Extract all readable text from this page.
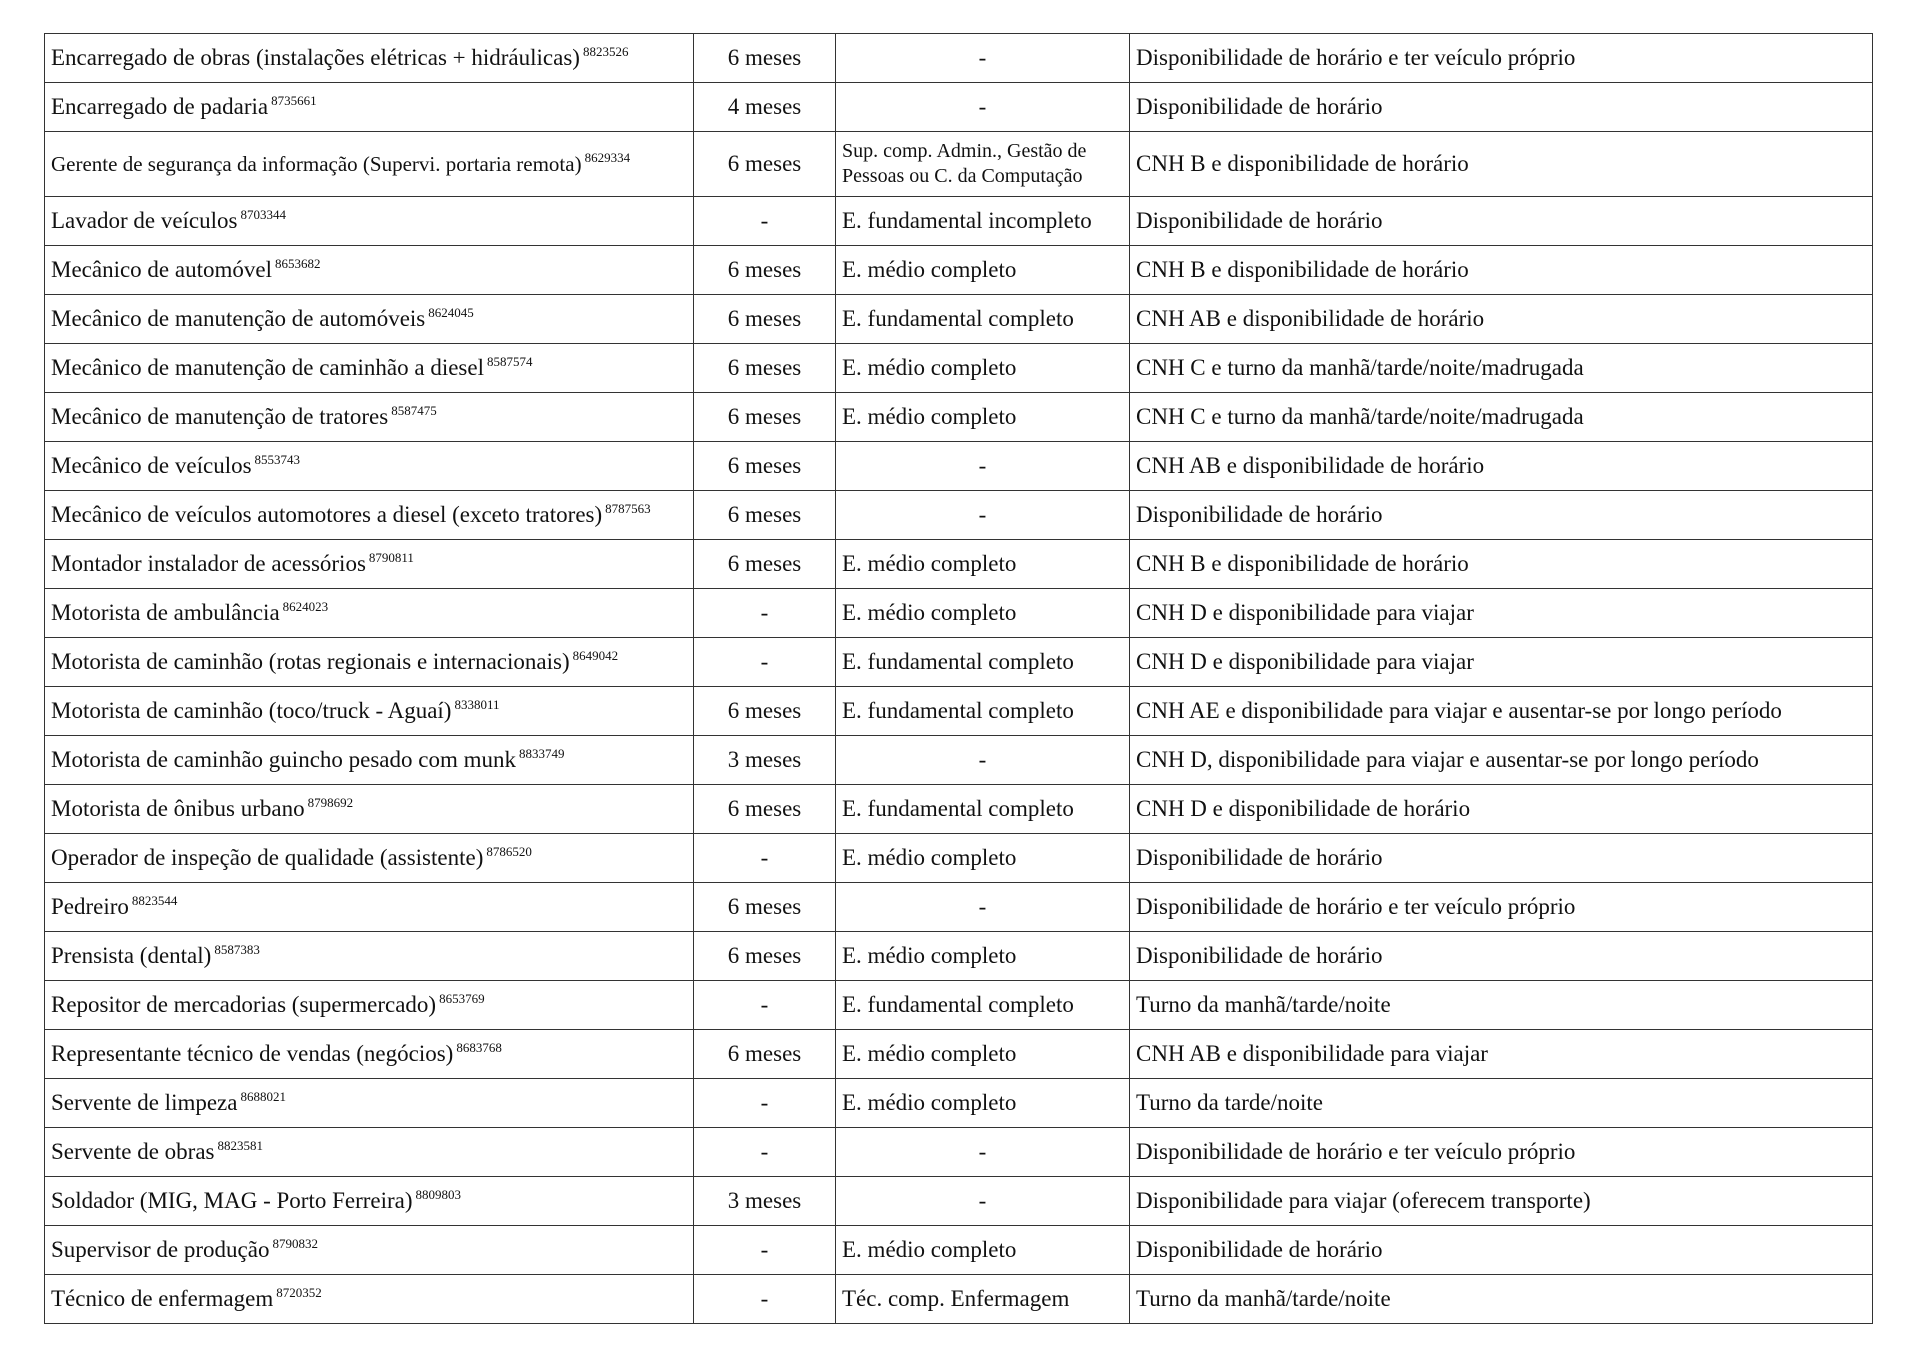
Encarregado de obras (instalações elétricas + hidráulicas) $^{8823526}$	6 meses	-	Disponibilidade de horário e ter veículo próprio
Encarregado de padaria $^{8735661}$	4 meses	-	Disponibilidade de horário
Gerente de segurança da informação (Supervi. portaria remota) $^{8629334}$	6 meses	Sup. comp. Admin., Gestão de Pessoas ou C. da Computação	CNH B e disponibilidade de horário
Lavador de veículos $^{8703344}$	-	E. fundamental incompleto	Disponibilidade de horário
Mecânico de automóvel $^{8653682}$	6 meses	E. médio completo	CNH B e disponibilidade de horário
Mecânico de manutenção de automóveis $^{8624045}$	6 meses	E. fundamental completo	CNH AB e disponibilidade de horário
Mecânico de manutenção de caminhão a diesel $^{8587574}$	6 meses	E. médio completo	CNH C e turno da manhã/tarde/noite/madrugada
Mecânico de manutenção de tratores $^{8587475}$	6 meses	E. médio completo	CNH C e turno da manhã/tarde/noite/madrugada
Mecânico de veículos $^{8553743}$	6 meses	-	CNH AB e disponibilidade de horário
Mecânico de veículos automotores a diesel (exceto tratores) $^{8787563}$	6 meses	-	Disponibilidade de horário
Montador instalador de acessórios $^{8790811}$	6 meses	E. médio completo	CNH B e disponibilidade de horário
Motorista de ambulância $^{8624023}$	-	E. médio completo	CNH D e disponibilidade para viajar
Motorista de caminhão (rotas regionais e internacionais) $^{8649042}$	-	E. fundamental completo	CNH D e disponibilidade para viajar
Motorista de caminhão (toco/truck - Aguaí) $^{8338011}$	6 meses	E. fundamental completo	CNH AE e disponibilidade para viajar e ausentar-se por longo período
Motorista de caminhão guincho pesado com munk $^{8833749}$	3 meses	-	CNH D, disponibilidade para viajar e ausentar-se por longo período
Motorista de ônibus urbano $^{8798692}$	6 meses	E. fundamental completo	CNH D e disponibilidade de horário
Operador de inspeção de qualidade (assistente) $^{8786520}$	-	E. médio completo	Disponibilidade de horário
Pedreiro $^{8823544}$	6 meses	-	Disponibilidade de horário e ter veículo próprio
Prensista (dental) $^{8587383}$	6 meses	E. médio completo	Disponibilidade de horário
Repositor de mercadorias (supermercado) $^{8653769}$	-	E. fundamental completo	Turno da manhã/tarde/noite
Representante técnico de vendas (negócios) $^{8683768}$	6 meses	E. médio completo	CNH AB e disponibilidade para viajar
Servente de limpeza $^{8688021}$	-	E. médio completo	Turno da tarde/noite
Servente de obras $^{8823581}$	-	-	Disponibilidade de horário e ter veículo próprio
Soldador (MIG, MAG - Porto Ferreira) $^{8809803}$	3 meses	-	Disponibilidade para viajar (oferecem transporte)
Supervisor de produção $^{8790832}$	-	E. médio completo	Disponibilidade de horário
Técnico de enfermagem $^{8720352}$	-	Téc. comp. Enfermagem	Turno da manhã/tarde/noite
